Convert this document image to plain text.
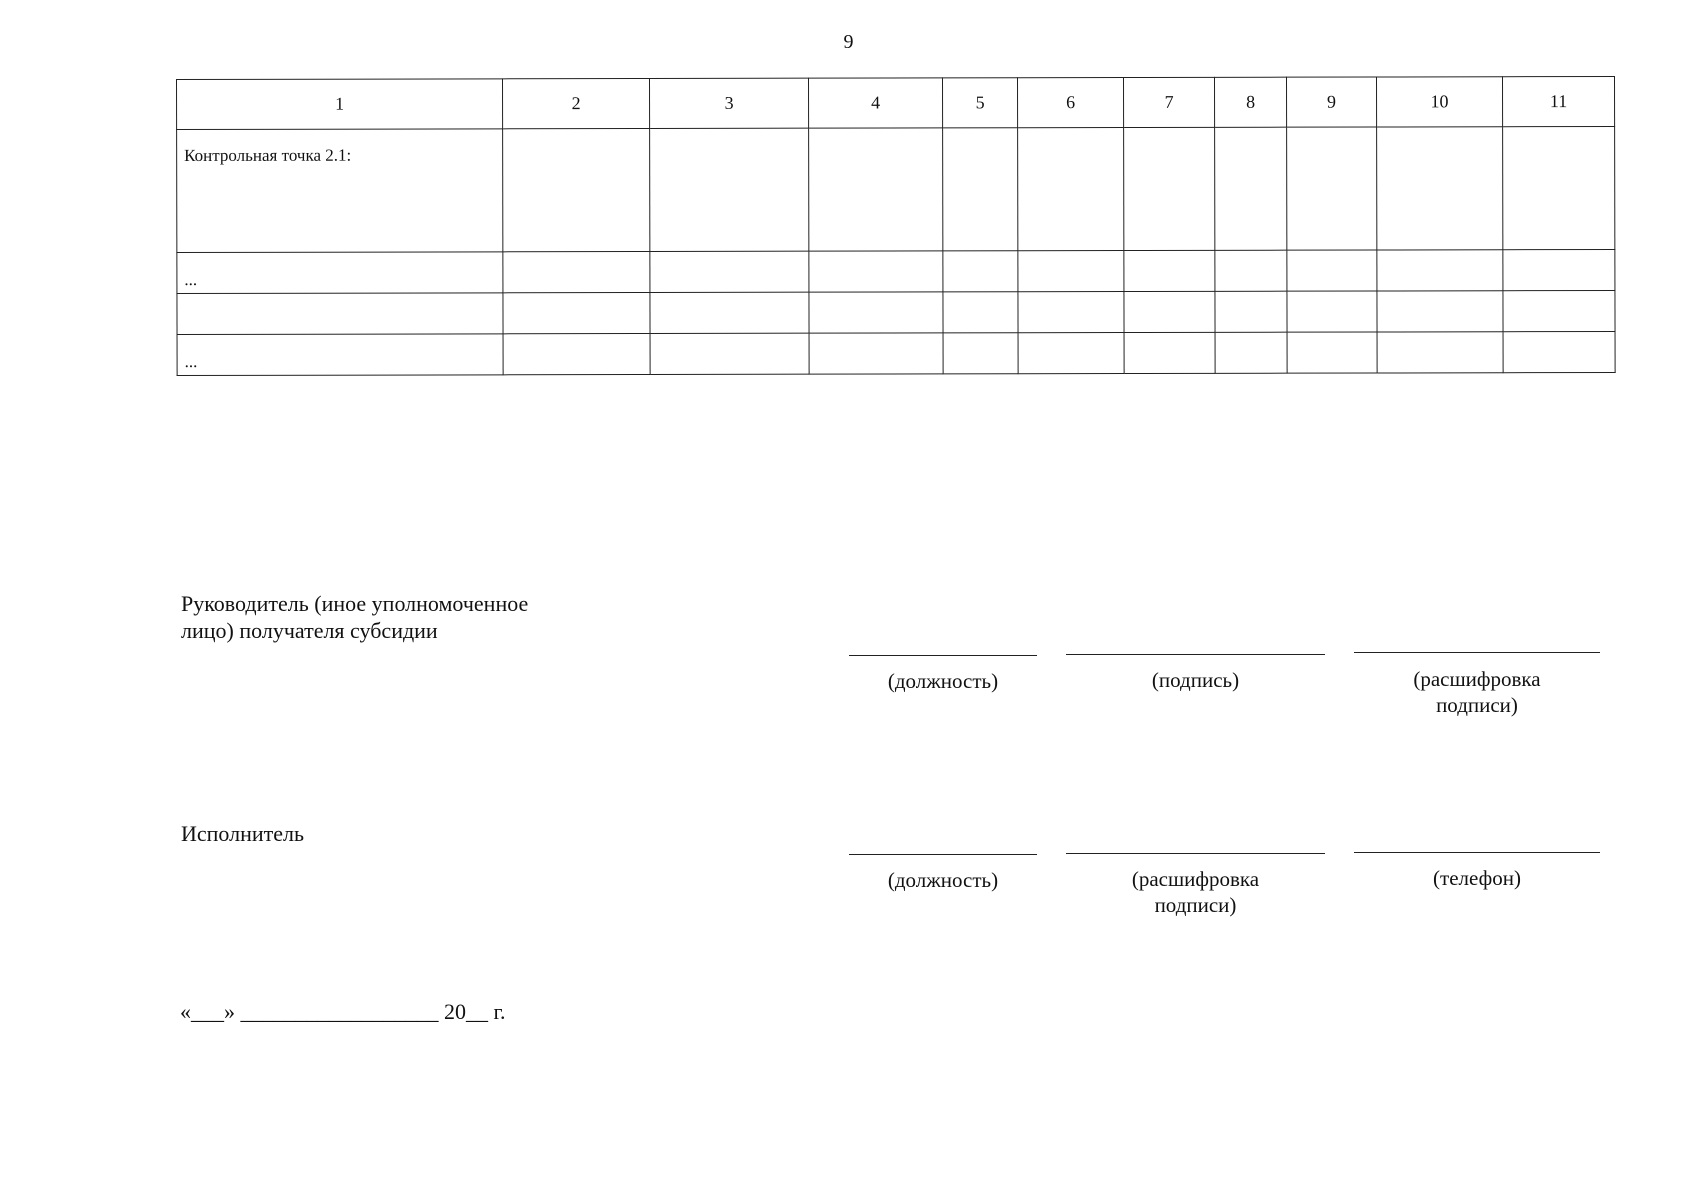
9
1	2	3	4	5	6	7	8	9	10	11
Контрольная точка 2.1:										
...										

...										
Руководитель (иное уполномоченное
лицо) получателя субсидии
(должность)	(подпись)	(расшифровка
подписи)
Исполнитель
(должность)	(расшифровка
подписи)
(телефон)
«___» __________________ 20__ г.
